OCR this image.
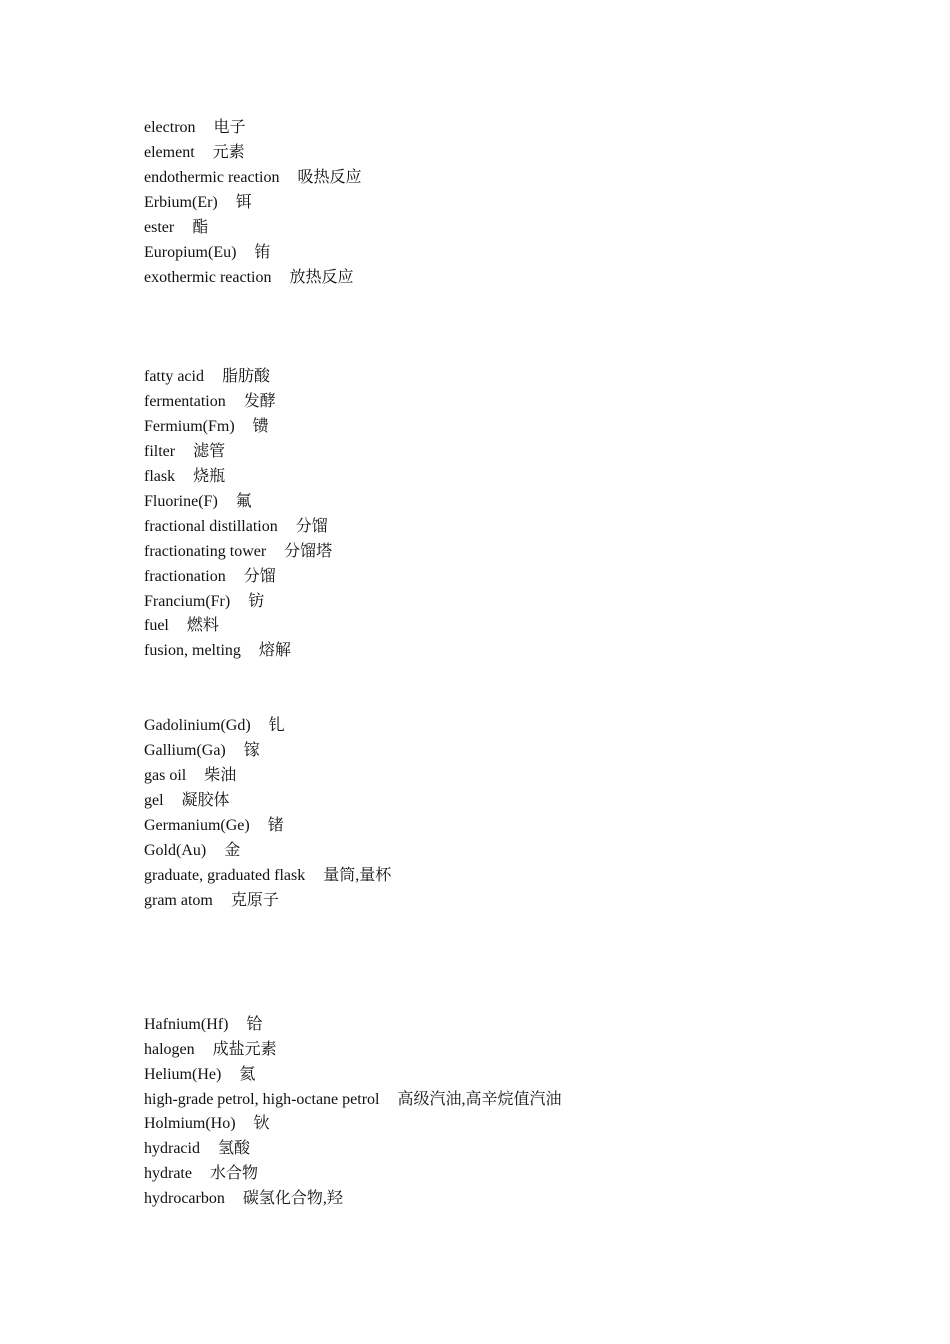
electron 电子
element 元素
endothermic reaction 吸热反应
Erbium(Er) 铒
ester 酯
Europium(Eu) 铕
exothermic reaction 放热反应
fatty acid 脂肪酸
fermentation 发酵
Fermium(Fm) 镄
filter 滤管
flask 烧瓶
Fluorine(F) 氟
fractional distillation 分馏
fractionating tower 分馏塔
fractionation 分馏
Francium(Fr) 钫
fuel 燃料
fusion, melting 熔解
Gadolinium(Gd) 钆
Gallium(Ga) 镓
gas oil 柴油
gel 凝胶体
Germanium(Ge) 锗
Gold(Au) 金
graduate, graduated flask 量筒,量杯
gram atom 克原子
Hafnium(Hf) 铪
halogen 成盐元素
Helium(He) 氦
high-grade petrol, high-octane petrol 高级汽油,高辛烷值汽油
Holmium(Ho) 钬
hydracid 氢酸
hydrate 水合物
hydrocarbon 碳氢化合物,羟
